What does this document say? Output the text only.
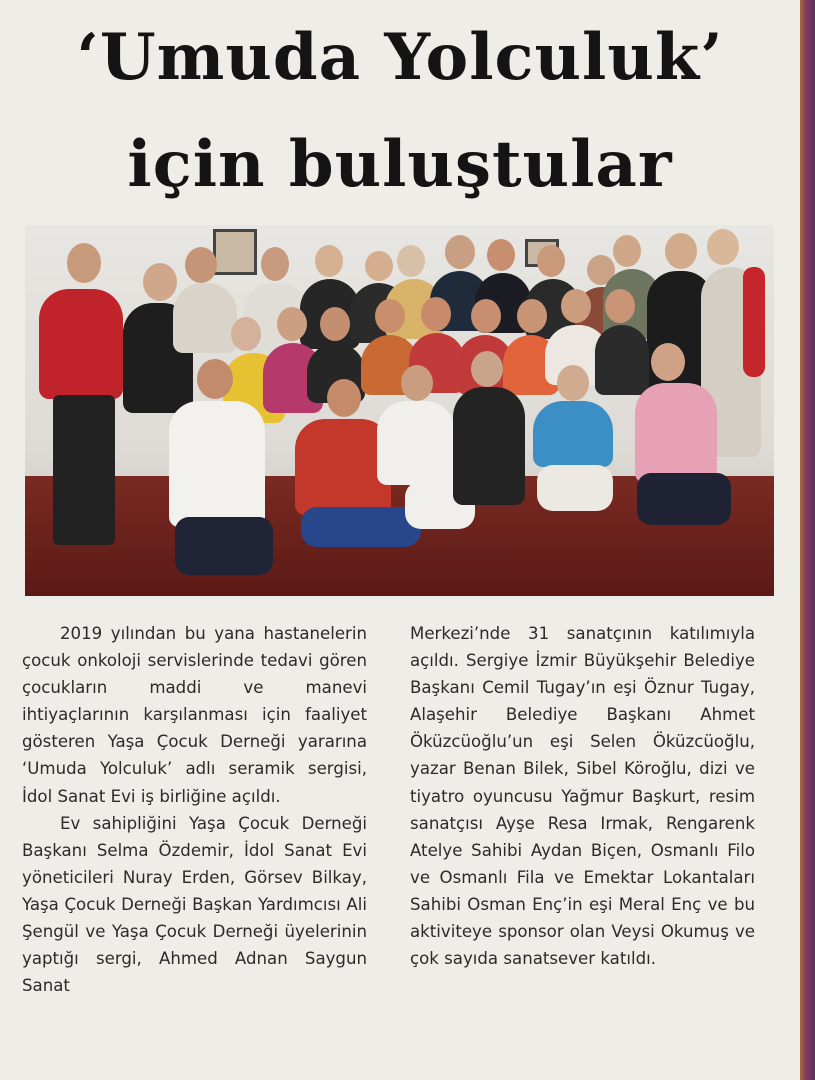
‘Umuda Yolculuk’
için buluştular

2019 yılından bu yana hastanelerin çocuk onkoloji servislerinde tedavi gören çocukların maddi ve manevi ihtiyaçlarının karşılanması için faaliyet gösteren Yaşa Çocuk Derneği yararına ‘Umuda Yolculuk’ adlı seramik sergisi, İdol Sanat Evi iş birliğine açıldı.

Ev sahipliğini Yaşa Çocuk Derneği Başkanı Selma Özdemir, İdol Sanat Evi yöneticileri Nuray Erden, Görsev Bilkay, Yaşa Çocuk Derneği Başkan Yardımcısı Ali Şengül ve Yaşa Çocuk Derneği üyelerinin yaptığı sergi, Ahmed Adnan Saygun Sanat

Merkezi’nde 31 sanatçının katılımıyla açıldı. Sergiye İzmir Büyükşehir Belediye Başkanı Cemil Tugay’ın eşi Öznur Tugay, Alaşehir Belediye Başkanı Ahmet Öküzcüoğlu’un eşi Selen Öküzcüoğlu, yazar Benan Bilek, Sibel Köroğlu, dizi ve tiyatro oyuncusu Yağmur Başkurt, resim sanatçısı Ayşe Resa Irmak, Rengarenk Atelye Sahibi Aydan Biçen, Osmanlı Filo ve Osmanlı Fila ve Emektar Lokantaları Sahibi Osman Enç’in eşi Meral Enç ve bu aktiviteye sponsor olan Veysi Okumuş ve çok sayıda sanatsever katıldı.
